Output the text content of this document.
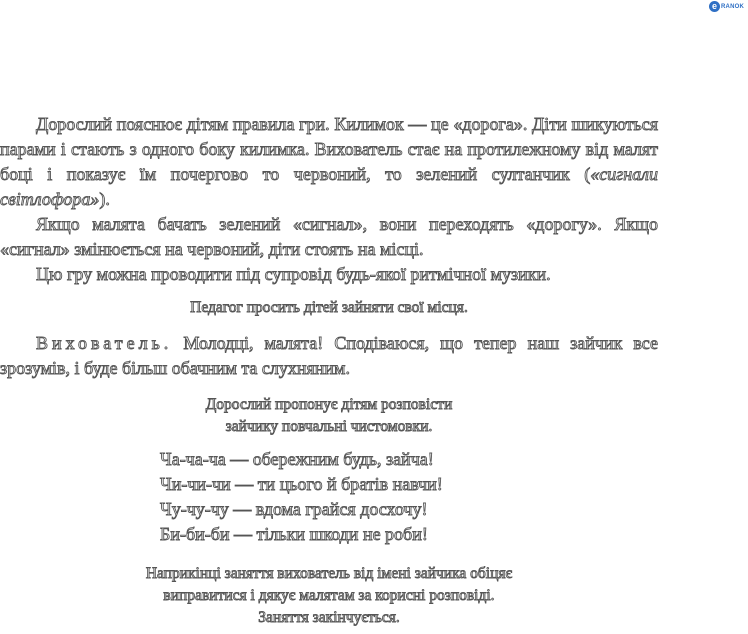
e RANOK

Дорослий пояснює дітям правила гри. Килимок — це «дорога». Діти шикуються парами і стають з одного боку килимка. Вихователь стає на протилежному від малят боці і показує їм почергово то червоний, то зелений султанчик («сигнали світлофора»).

Якщо малята бачать зелений «сигнал», вони переходять «дорогу». Якщо «сигнал» змінюється на червоний, діти стоять на місці.

Цю гру можна проводити під супровід будь-якої ритмічної музики.

Педагог просить дітей зайняти свої місця.

Вихователь. Молодці, малята! Сподіваюся, що тепер наш зайчик все зрозумів, і буде більш обачним та слухняним.

Дорослий пропонує дітям розповісти

зайчику повчальні чистомовки.

Ча-ча-ча — обережним будь, зайча!
Чи-чи-чи — ти цього й братів навчи!
Чу-чу-чу — вдома грайся досхочу!
Би-би-би — тільки шкоди не роби!

Наприкінці заняття вихователь від імені зайчика обіцяє

виправитися і дякує малятам за корисні розповіді.

Заняття закінчується.
